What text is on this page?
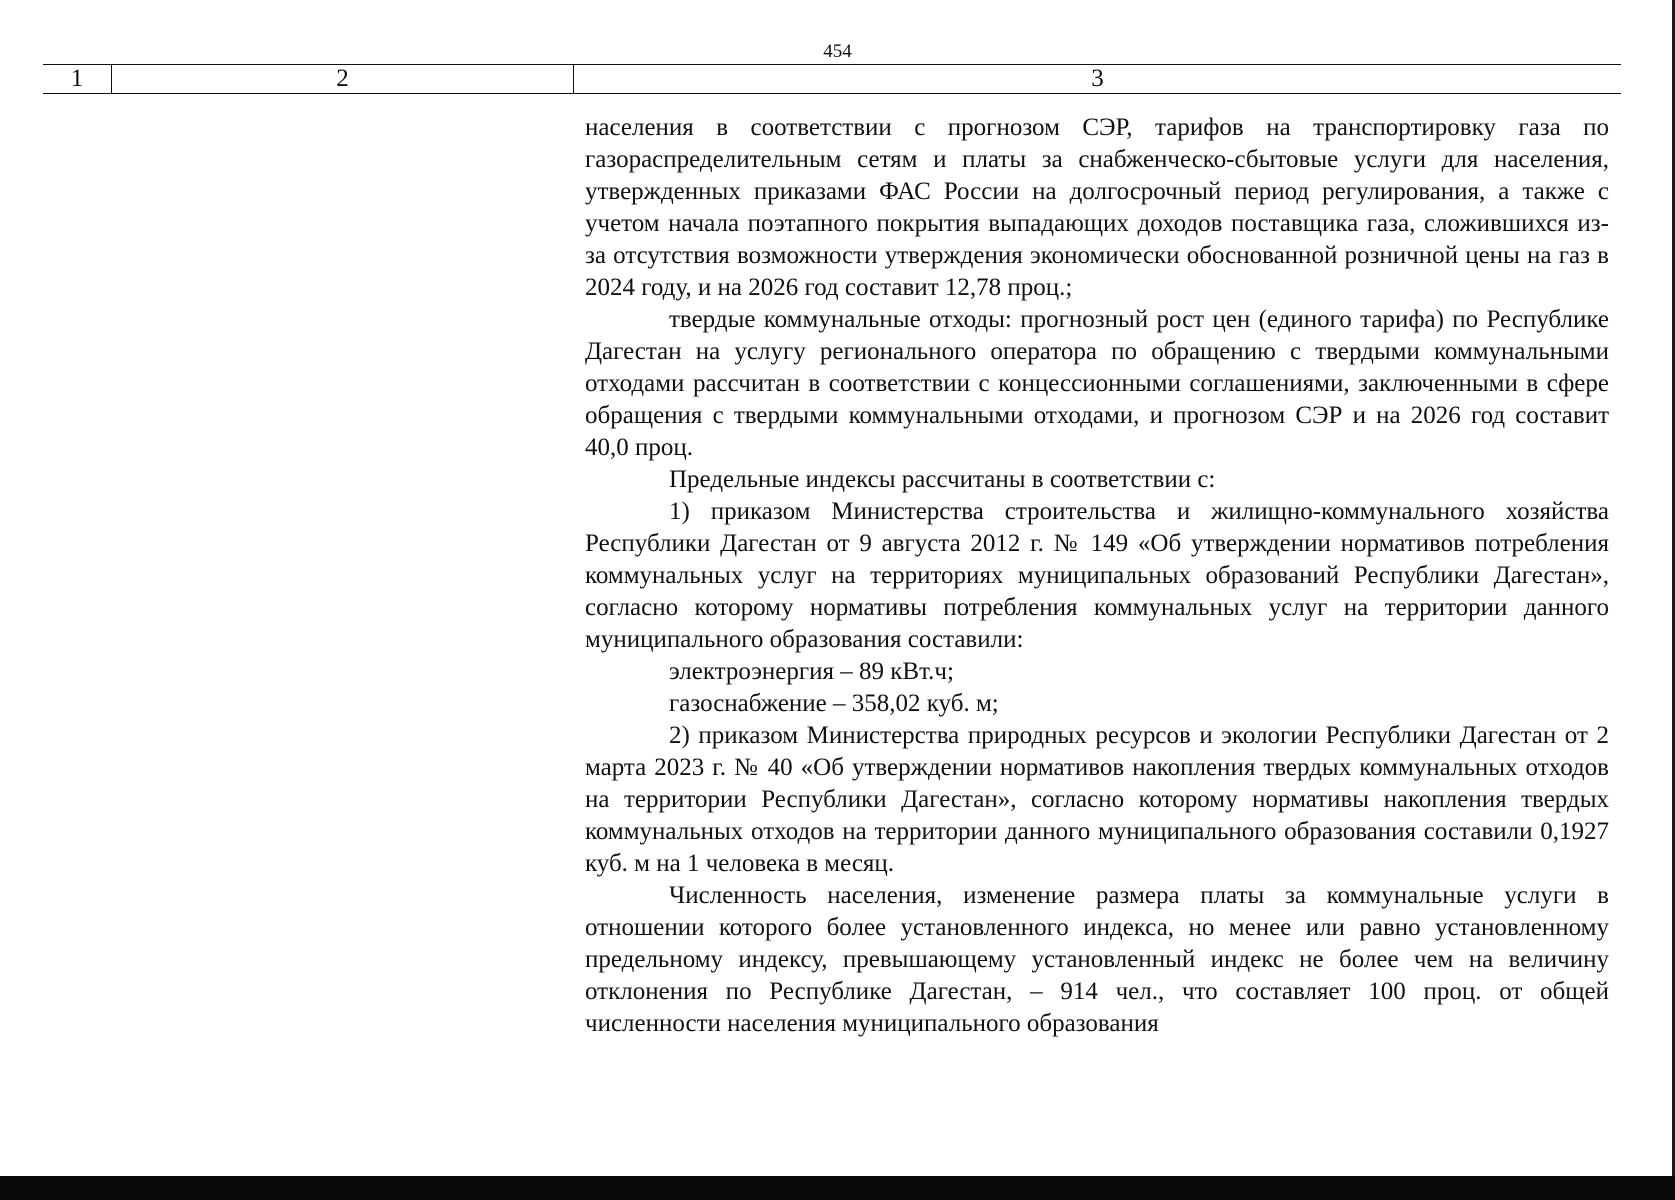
454
1	2	3

населения в соответствии с прогнозом СЭР, тарифов на транспортировку газа по газораспределительным сетям и платы за снабженческо-сбытовые услуги для населения, утвержденных приказами ФАС России на долгосрочный период регулирования, а также с учетом начала поэтапного покрытия выпадающих доходов поставщика газа, сложившихся из-за отсутствия возможности утверждения экономически обоснованной розничной цены на газ в 2024 году, и на 2026 год составит 12,78 проц.;

твердые коммунальные отходы: прогнозный рост цен (единого тарифа) по Республике Дагестан на услугу регионального оператора по обращению с твердыми коммунальными отходами рассчитан в соответствии с концессионными соглашениями, заключенными в сфере обращения с твердыми коммунальными отходами, и прогнозом СЭР и на 2026 год составит 40,0 проц.

Предельные индексы рассчитаны в соответствии с:

1) приказом Министерства строительства и жилищно-коммунального хозяйства Республики Дагестан от 9 августа 2012 г. № 149 «Об утверждении нормативов потребления коммунальных услуг на территориях муниципальных образований Республики Дагестан», согласно которому нормативы потребления коммунальных услуг на территории данного муниципального образования составили:

электроэнергия – 89 кВт.ч;

газоснабжение – 358,02 куб. м;

2) приказом Министерства природных ресурсов и экологии Республики Дагестан от 2 марта 2023 г. № 40 «Об утверждении нормативов накопления твердых коммунальных отходов на территории Республики Дагестан», согласно которому нормативы накопления твердых коммунальных отходов на территории данного муниципального образования составили 0,1927 куб. м на 1 человека в месяц.

Численность населения, изменение размера платы за коммунальные услуги в отношении которого более установленного индекса, но менее или равно установленному предельному индексу, превышающему установленный индекс не более чем на величину отклонения по Республике Дагестан, – 914 чел., что составляет 100 проц. от общей численности населения муниципального образования
